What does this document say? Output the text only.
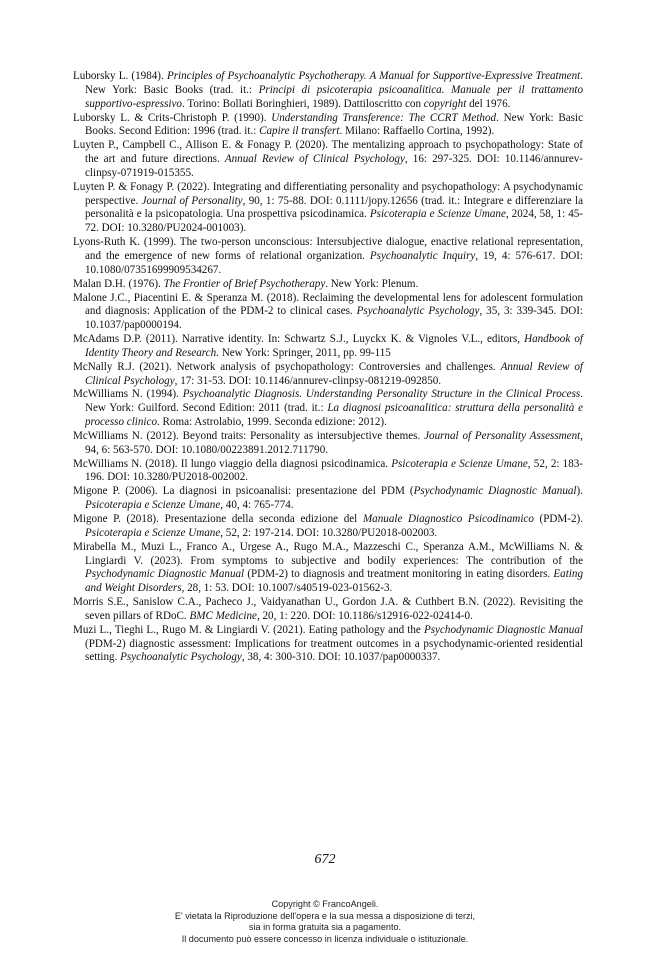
Luborsky L. (1984). Principles of Psychoanalytic Psychotherapy. A Manual for Supportive-Expressive Treatment. New York: Basic Books (trad. it.: Principi di psicoterapia psicoanalitica. Manuale per il trattamento supportivo-espressivo. Torino: Bollati Boringhieri, 1989). Dattiloscritto con copyright del 1976.

Luborsky L. & Crits-Christoph P. (1990). Understanding Transference: The CCRT Method. New York: Basic Books. Second Edition: 1996 (trad. it.: Capire il transfert. Milano: Raffaello Cortina, 1992).

Luyten P., Campbell C., Allison E. & Fonagy P. (2020). The mentalizing approach to psychopathology: State of the art and future directions. Annual Review of Clinical Psychology, 16: 297-325. DOI: 10.1146/annurev-clinpsy-071919-015355.

Luyten P. & Fonagy P. (2022). Integrating and differentiating personality and psychopathology: A psychodynamic perspective. Journal of Personality, 90, 1: 75-88. DOI: 0.1111/jopy.12656 (trad. it.: Integrare e differenziare la personalità e la psicopatologia. Una prospettiva psicodinamica. Psicoterapia e Scienze Umane, 2024, 58, 1: 45-72. DOI: 10.3280/PU2024-001003).

Lyons-Ruth K. (1999). The two-person unconscious: Intersubjective dialogue, enactive relational representation, and the emergence of new forms of relational organization. Psychoanalytic Inquiry, 19, 4: 576-617. DOI: 10.1080/07351699909534267.

Malan D.H. (1976). The Frontier of Brief Psychotherapy. New York: Plenum.

Malone J.C., Piacentini E. & Speranza M. (2018). Reclaiming the developmental lens for adolescent formulation and diagnosis: Application of the PDM-2 to clinical cases. Psychoanalytic Psychology, 35, 3: 339-345. DOI: 10.1037/pap0000194.

McAdams D.P. (2011). Narrative identity. In: Schwartz S.J., Luyckx K. & Vignoles V.L., editors, Handbook of Identity Theory and Research. New York: Springer, 2011, pp. 99-115

McNally R.J. (2021). Network analysis of psychopathology: Controversies and challenges. Annual Review of Clinical Psychology, 17: 31-53. DOI: 10.1146/annurev-clinpsy-081219-092850.

McWilliams N. (1994). Psychoanalytic Diagnosis. Understanding Personality Structure in the Clinical Process. New York: Guilford. Second Edition: 2011 (trad. it.: La diagnosi psicoanalitica: struttura della personalità e processo clinico. Roma: Astrolabio, 1999. Seconda edizione: 2012).

McWilliams N. (2012). Beyond traits: Personality as intersubjective themes. Journal of Personality Assessment, 94, 6: 563-570. DOI: 10.1080/00223891.2012.711790.

McWilliams N. (2018). Il lungo viaggio della diagnosi psicodinamica. Psicoterapia e Scienze Umane, 52, 2: 183-196. DOI: 10.3280/PU2018-002002.

Migone P. (2006). La diagnosi in psicoanalisi: presentazione del PDM (Psychodynamic Diagnostic Manual). Psicoterapia e Scienze Umane, 40, 4: 765-774.

Migone P. (2018). Presentazione della seconda edizione del Manuale Diagnostico Psicodinamico (PDM-2). Psicoterapia e Scienze Umane, 52, 2: 197-214. DOI: 10.3280/PU2018-002003.

Mirabella M., Muzi L., Franco A., Urgese A., Rugo M.A., Mazzeschi C., Speranza A.M., McWilliams N. & Lingiardi V. (2023). From symptoms to subjective and bodily experiences: The contribution of the Psychodynamic Diagnostic Manual (PDM-2) to diagnosis and treatment monitoring in eating disorders. Eating and Weight Disorders, 28, 1: 53. DOI: 10.1007/s40519-023-01562-3.

Morris S.E., Sanislow C.A., Pacheco J., Vaidyanathan U., Gordon J.A. & Cuthbert B.N. (2022). Revisiting the seven pillars of RDoC. BMC Medicine, 20, 1: 220. DOI: 10.1186/s12916-022-02414-0.

Muzi L., Tieghi L., Rugo M. & Lingiardi V. (2021). Eating pathology and the Psychodynamic Diagnostic Manual (PDM-2) diagnostic assessment: Implications for treatment outcomes in a psychodynamic-oriented residential setting. Psychoanalytic Psychology, 38, 4: 300-310. DOI: 10.1037/pap0000337.

672
Copyright © FrancoAngeli.
E' vietata la Riproduzione dell'opera e la sua messa a disposizione di terzi,
sia in forma gratuita sia a pagamento.
Il documento può essere concesso in licenza individuale o istituzionale.
